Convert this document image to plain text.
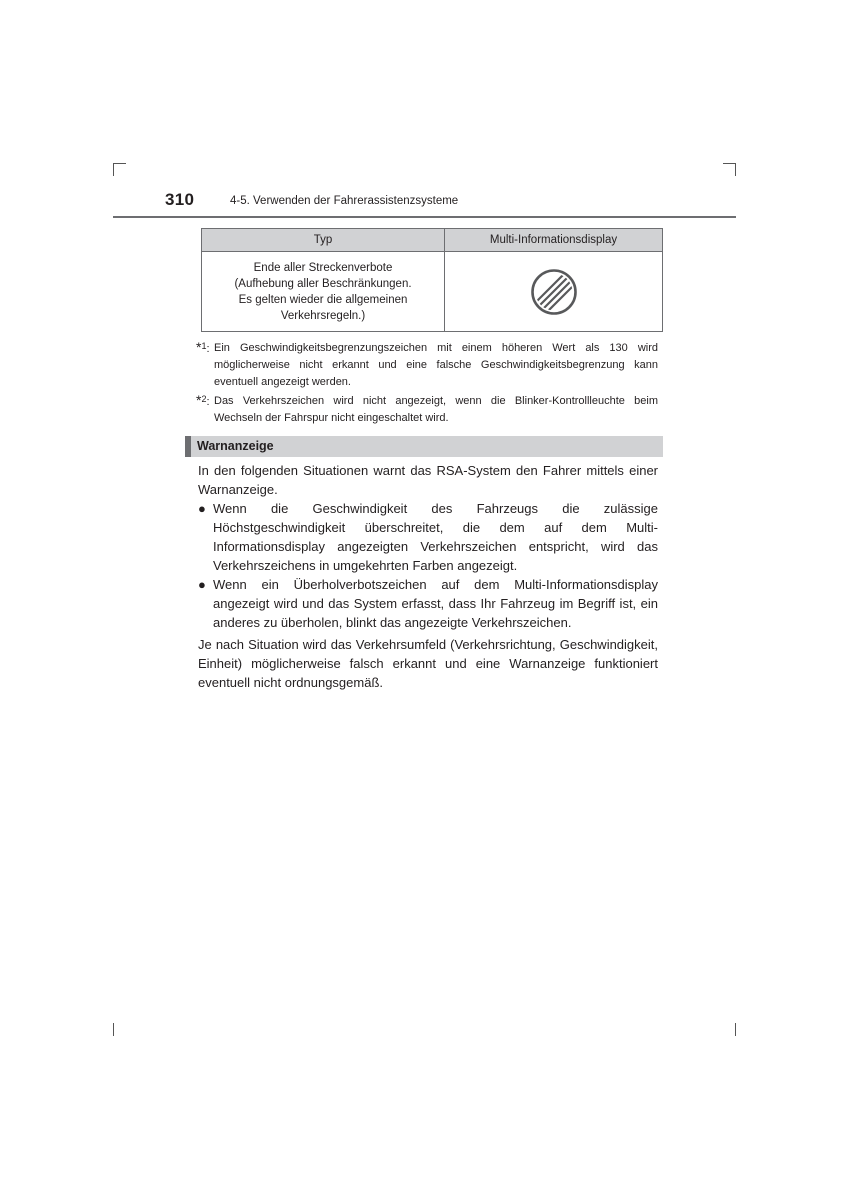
310	4-5. Verwenden der Fahrerassistenzsysteme
Typ	Multi-Informationsdisplay

Ende aller Streckenverbote
(Aufhebung aller Beschränkungen.
Es gelten wieder die allgemeinen
Verkehrsregeln.)

*$^1$: Ein Geschwindigkeitsbegrenzungszeichen mit einem höheren Wert als 130 wird möglicherweise nicht erkannt und eine falsche Geschwindigkeitsbegrenzung kann eventuell angezeigt werden.
*$^2$: Das Verkehrszeichen wird nicht angezeigt, wenn die Blinker-Kontrollleuchte beim Wechseln der Fahrspur nicht eingeschaltet wird.
Warnanzeige
In den folgenden Situationen warnt das RSA-System den Fahrer mittels einer Warnanzeige.
● Wenn die Geschwindigkeit des Fahrzeugs die zulässige Höchstgeschwindigkeit überschreitet, die dem auf dem Multi-Informationsdisplay angezeigten Verkehrszeichen entspricht, wird das Verkehrszeichens in umgekehrten Farben angezeigt.
● Wenn ein Überholverbotszeichen auf dem Multi-Informationsdisplay angezeigt wird und das System erfasst, dass Ihr Fahrzeug im Begriff ist, ein anderes zu überholen, blinkt das angezeigte Verkehrszeichen.
Je nach Situation wird das Verkehrsumfeld (Verkehrsrichtung, Geschwindigkeit, Einheit) möglicherweise falsch erkannt und eine Warnanzeige funktioniert eventuell nicht ordnungsgemäß.
